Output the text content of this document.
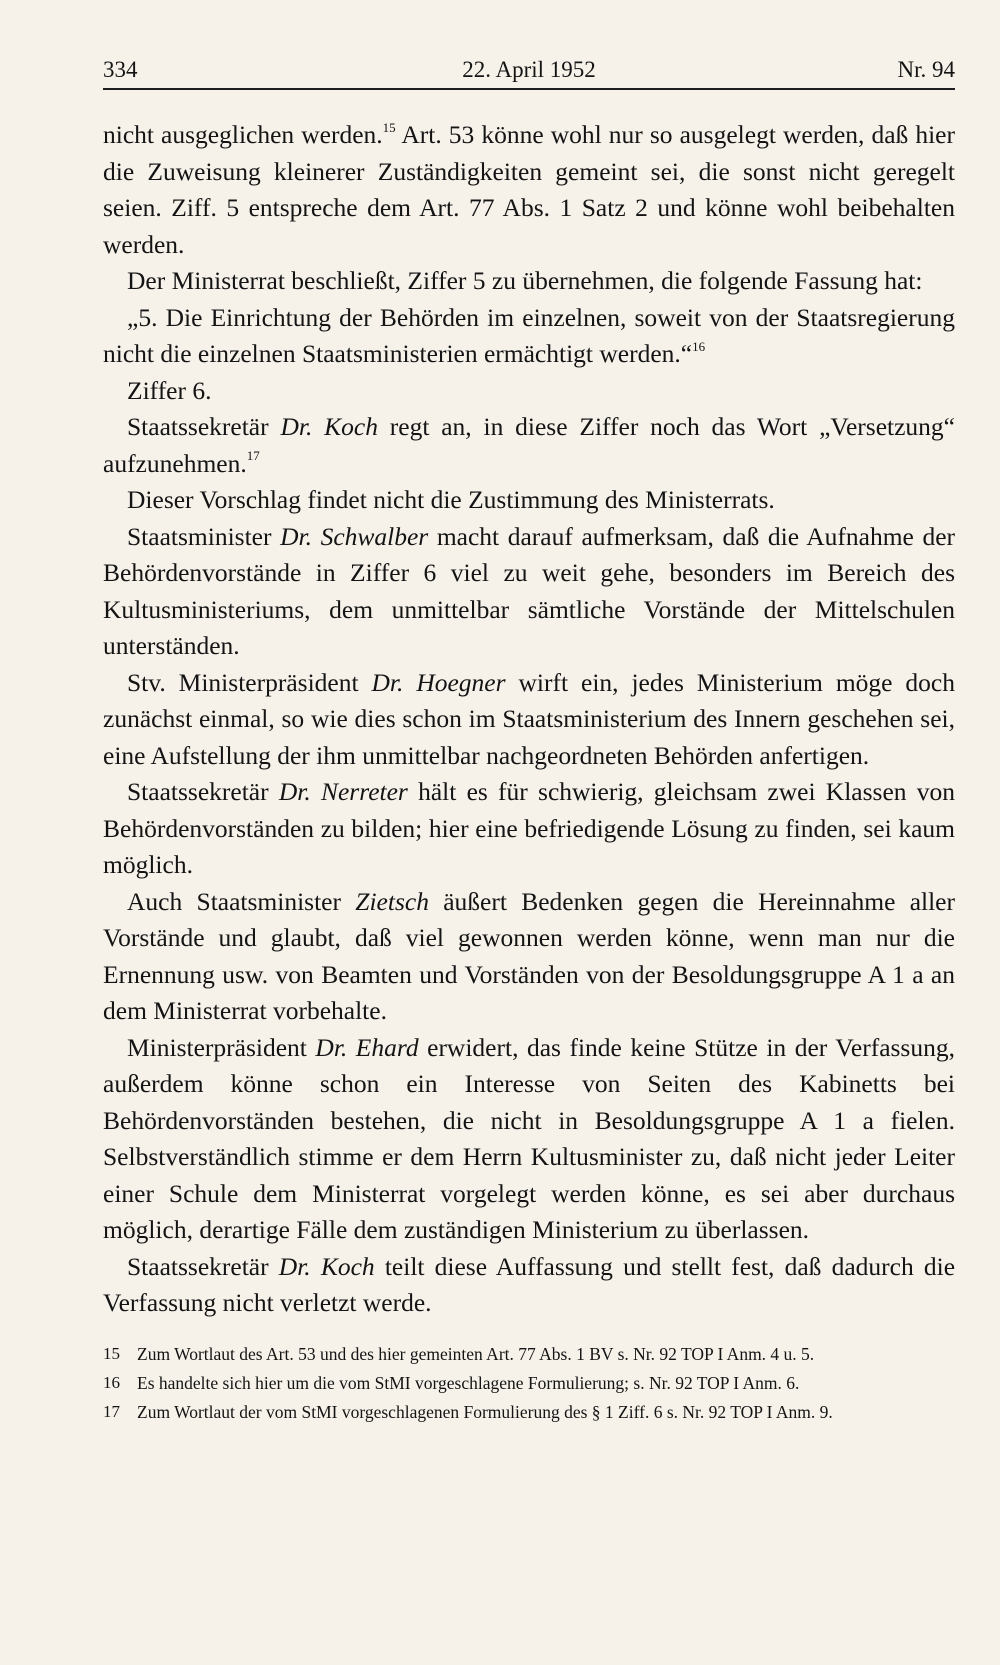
334	22. April 1952	Nr. 94

nicht ausgeglichen werden.$^{15}$ Art. 53 könne wohl nur so ausgelegt werden, daß hier die Zuweisung kleinerer Zuständigkeiten gemeint sei, die sonst nicht geregelt seien. Ziff. 5 entspreche dem Art. 77 Abs. 1 Satz 2 und könne wohl beibehalten werden.

Der Ministerrat beschließt, Ziffer 5 zu übernehmen, die folgende Fassung hat:

„5. Die Einrichtung der Behörden im einzelnen, soweit von der Staatsregierung nicht die einzelnen Staatsministerien ermächtigt werden.“$^{16}$

Ziffer 6.

Staatssekretär Dr. Koch regt an, in diese Ziffer noch das Wort „Versetzung“ aufzunehmen.$^{17}$

Dieser Vorschlag findet nicht die Zustimmung des Ministerrats.

Staatsminister Dr. Schwalber macht darauf aufmerksam, daß die Aufnahme der Behördenvorstände in Ziffer 6 viel zu weit gehe, besonders im Bereich des Kultusministeriums, dem unmittelbar sämtliche Vorstände der Mittelschulen unterständen.

Stv. Ministerpräsident Dr. Hoegner wirft ein, jedes Ministerium möge doch zunächst einmal, so wie dies schon im Staatsministerium des Innern geschehen sei, eine Aufstellung der ihm unmittelbar nachgeordneten Behörden anfertigen.

Staatssekretär Dr. Nerreter hält es für schwierig, gleichsam zwei Klassen von Behördenvorständen zu bilden; hier eine befriedigende Lösung zu finden, sei kaum möglich.

Auch Staatsminister Zietsch äußert Bedenken gegen die Hereinnahme aller Vorstände und glaubt, daß viel gewonnen werden könne, wenn man nur die Ernennung usw. von Beamten und Vorständen von der Besoldungsgruppe A 1 a an dem Ministerrat vorbehalte.

Ministerpräsident Dr. Ehard erwidert, das finde keine Stütze in der Verfassung, außerdem könne schon ein Interesse von Seiten des Kabinetts bei Behördenvorständen bestehen, die nicht in Besoldungsgruppe A 1 a fielen. Selbstverständlich stimme er dem Herrn Kultusminister zu, daß nicht jeder Leiter einer Schule dem Ministerrat vorgelegt werden könne, es sei aber durchaus möglich, derartige Fälle dem zuständigen Ministerium zu überlassen.

Staatssekretär Dr. Koch teilt diese Auffassung und stellt fest, daß dadurch die Verfassung nicht verletzt werde.

15 Zum Wortlaut des Art. 53 und des hier gemeinten Art. 77 Abs. 1 BV s. Nr. 92 TOP I Anm. 4 u. 5.
16 Es handelte sich hier um die vom StMI vorgeschlagene Formulierung; s. Nr. 92 TOP I Anm. 6.
17 Zum Wortlaut der vom StMI vorgeschlagenen Formulierung des § 1 Ziff. 6 s. Nr. 92 TOP I Anm. 9.
